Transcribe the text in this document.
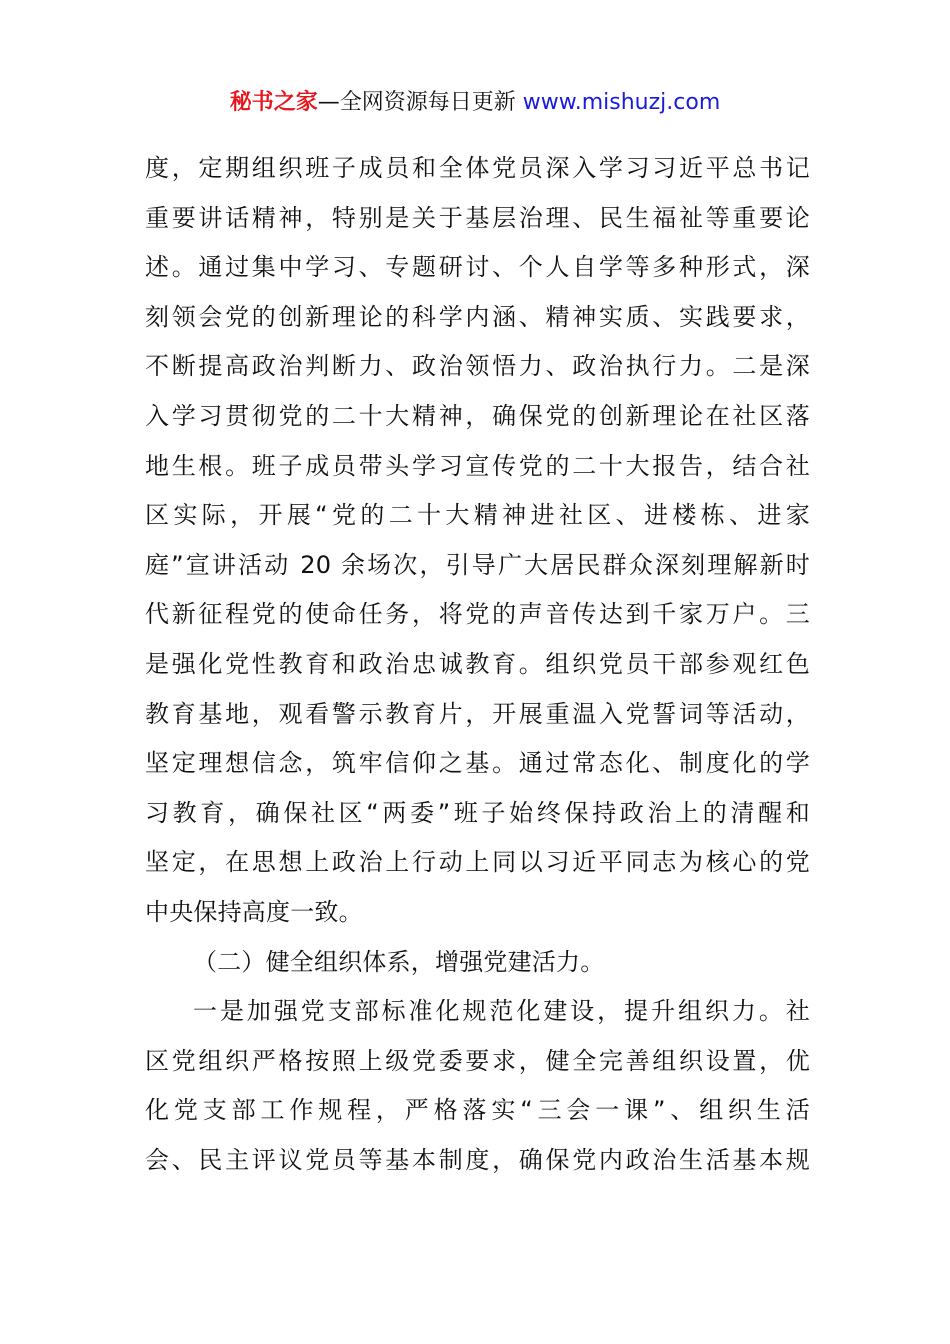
秘书之家—全网资源每日更新 www.mishuzj.com
度，定期组织班子成员和全体党员深入学习习近平总书记
重要讲话精神，特别是关于基层治理、民生福祉等重要论
述。通过集中学习、专题研讨、个人自学等多种形式，深
刻领会党的创新理论的科学内涵、精神实质、实践要求，
不断提高政治判断力、政治领悟力、政治执行力。二是深
入学习贯彻党的二十大精神，确保党的创新理论在社区落
地生根。班子成员带头学习宣传党的二十大报告，结合社
区实际，开展“党的二十大精神进社区、进楼栋、进家
庭”宣讲活动 20 余场次，引导广大居民群众深刻理解新时
代新征程党的使命任务，将党的声音传达到千家万户。三
是强化党性教育和政治忠诚教育。组织党员干部参观红色
教育基地，观看警示教育片，开展重温入党誓词等活动，
坚定理想信念，筑牢信仰之基。通过常态化、制度化的学
习教育，确保社区“两委”班子始终保持政治上的清醒和
坚定，在思想上政治上行动上同以习近平同志为核心的党
中央保持高度一致。
（二）健全组织体系，增强党建活力。
一是加强党支部标准化规范化建设，提升组织力。社
区党组织严格按照上级党委要求，健全完善组织设置，优
化党支部工作规程，严格落实“三会一课”、组织生活
会、民主评议党员等基本制度，确保党内政治生活基本规
